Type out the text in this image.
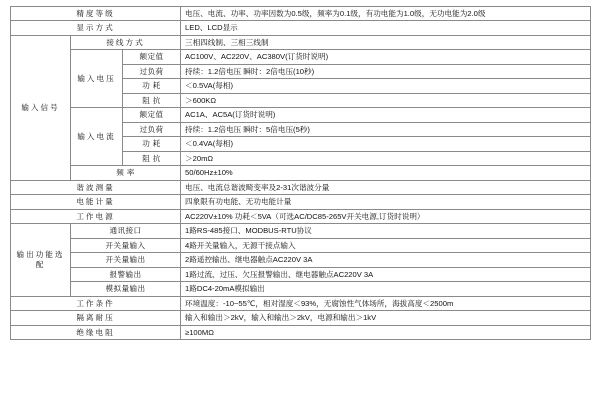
精度等级			电压、电流、功率、功率因数为0.5级，频率为0.1级，有功电能为1.0级，无功电能为2.0级
显示方式			LED、LCD显示
输入信号	接线方式		三相四线制、三相三线制
	输入电压	额定值	AC100V、AC220V、AC380V(订货时说明)
		过负荷	持续：1.2倍电压 瞬时：2倍电压(10秒)
		功 耗	＜0.5VA(每相)
		阻 抗	＞600KΩ
	输入电流	额定值	AC1A、AC5A(订货时说明)
		过负荷	持续：1.2倍电压 瞬时：5倍电压(5秒)
		功 耗	＜0.4VA(每相)
		阻 抗	＞20mΩ
	频 率		50/60Hz±10%
谐波测量			电压、电流总谐波畸变率及2-31次谐波分量
电能计量			四象限有功电能、无功电能计量
工作电源			AC220V±10% 功耗＜5VA（可选AC/DC85-265V开关电源,订货时说明）
输出功能选配	通讯接口		1路RS-485接口、MODBUS-RTU协议
	开关量输入		4路开关量输入，无源干接点输入
	开关量输出		2路遥控输出、继电器触点AC220V 3A
	报警输出		1路过流、过压、欠压报警输出、继电器触点AC220V 3A
	模拟量输出		1路DC4-20mA模拟输出
工作条件			环境温度：-10~55℃，相对湿度＜93%，无腐蚀性气体场所，海拔高度＜2500m
隔离耐压			输入和输出＞2kV，输入和输出＞2kV，电源和输出＞1kV
绝缘电阻			≥100MΩ
